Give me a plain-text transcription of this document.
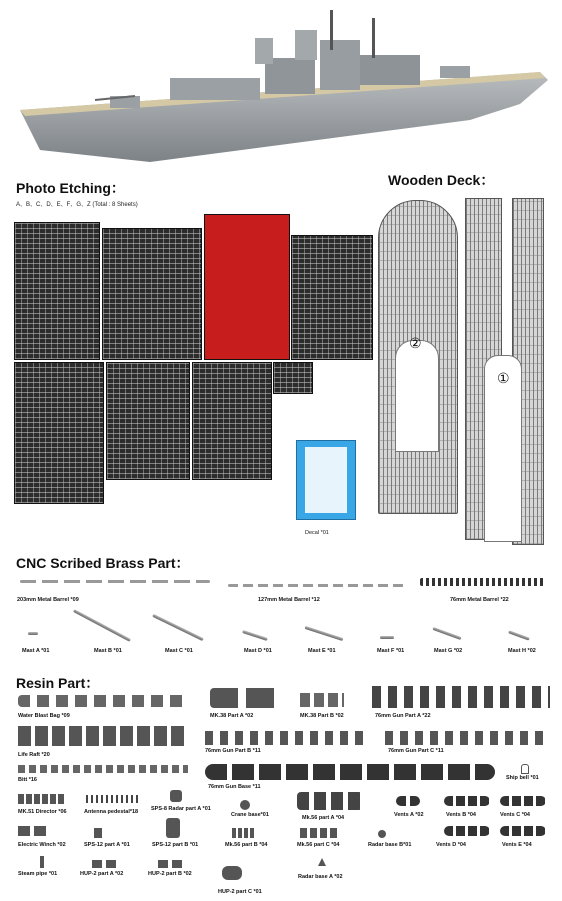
Photo Etching：
A、B、C、D、E、F、G、Z (Total : 8 Sheets)
Decal *01
Wooden Deck：
②
①
CNC Scribed Brass Part：
203mm Metal Barrel *09	127mm Metal Barrel *12	76mm Metal Barrel *22
Mast A *01	Mast B *01	Mast C *01	Mast D *01	Mast E *01	Mast F *01	Mast G *02	Mast H *02
Resin Part：
Water Blast Bag *09	MK.38 Part A *02	MK.38 Part B *02	76mm Gun Part A *22
Life Raft *20
76mm Gun Part B *11	76mm Gun Part C *11
Bitt *16
76mm Gun Base *11
Ship bell *01
MK.51 Director *06	Antenna pedestal*18 SPS-8 Radar part A *01
Crane base*01	Mk.56 part A *04	Vents A *02	Vents B *04	Vents C *04
Electric Winch *02	SPS-12 part A *01	SPS-12 part B *01	Mk.56 part B *04	Mk.56 part C *04	Radar base B*01	Vents D *04	Vents E *04
Steam pipe *01	HUP-2 part A *02	HUP-2 part B *02	Radar base A *02
HUP-2 part C *01
